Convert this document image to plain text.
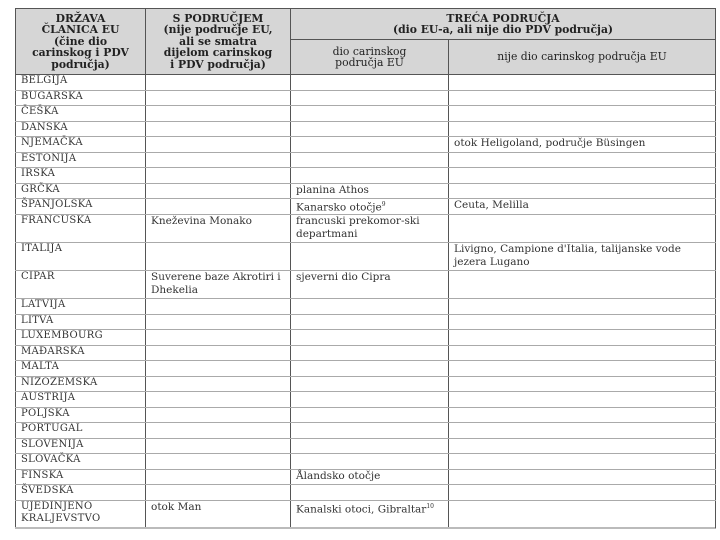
DRŽAVA
ČLANICA EU
(čine dio
carinskog i PDV
područja)	S PODRUČJEM
(nije područje EU,
ali se smatra
dijelom carinskog
i PDV područja)	TREĆA PODRUČJA
(dio EU-a, ali nije dio PDV područja)	
		dio carinskog
područja EU	nije dio carinskog područja EU
BELGIJA			
BUGARSKA			
ČEŠKA			
DANSKA			
NJEMAČKA			otok Heligoland, područje Büsingen
ESTONIJA			
IRSKA			
GRČKA		planina Athos	
ŠPANJOLSKA		Kanarsko otočje$^9$	Ceuta, Melilla
FRANCUSKA	Kneževina Monako	francuski prekomor-ski departmani	
ITALIJA			Livigno, Campione d'Italia, talijanske vode jezera Lugano
CIPAR	Suverene baze Akrotiri i Dhekelia	sjeverni dio Cipra	
LATVIJA			
LITVA			
LUXEMBOURG			
MAĐARSKA			
MALTA			
NIZOZEMSKA			
AUSTRIJA			
POLJSKA			
PORTUGAL			
SLOVENIJA			
SLOVAČKA			
FINSKA		Ålandsko otočje	
ŠVEDSKA			
UJEDINJENO KRALJEVSTVO	otok Man	Kanalski otoci, Gibraltar$^{10}$	
